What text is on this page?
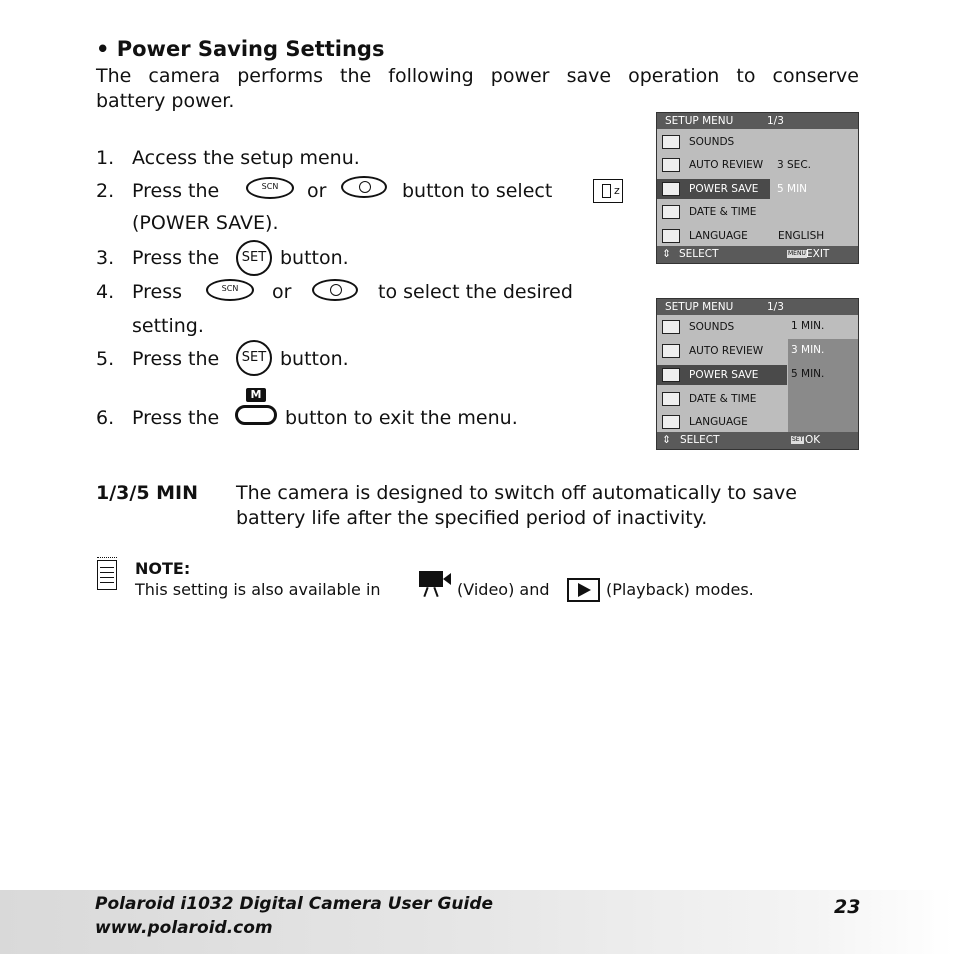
• Power Saving Settings
The camera performs the following power save operation to conserve
battery power.
1. Access the setup menu.
2. Press the	SCN	or	button to select	z
(POWER SAVE).
3. Press the	SET button.
4. Press	SCN	or	to select the desired
setting.
5. Press the	SET button.
6. Press the
M
button to exit the menu.
SETUP MENU	1/3
SOUNDS
AUTO REVIEW 3 SEC.
POWER SAVE	5 MIN
DATE & TIME
LANGUAGE	ENGLISH
⇕ SELECT	MENU EXIT
SETUP MENU	1/3
1 MIN.
3 MIN.
5 MIN.
SOUNDS
AUTO REVIEW
POWER SAVE
DATE & TIME
LANGUAGE
⇕ SELECT	SET OK
1/3/5 MIN The camera is designed to switch off automatically to save
battery life after the specified period of inactivity.
NOTE:
This setting is also available in	(Video) and	(Playback) modes.
Polaroid i1032 Digital Camera User Guide
www.polaroid.com
23
